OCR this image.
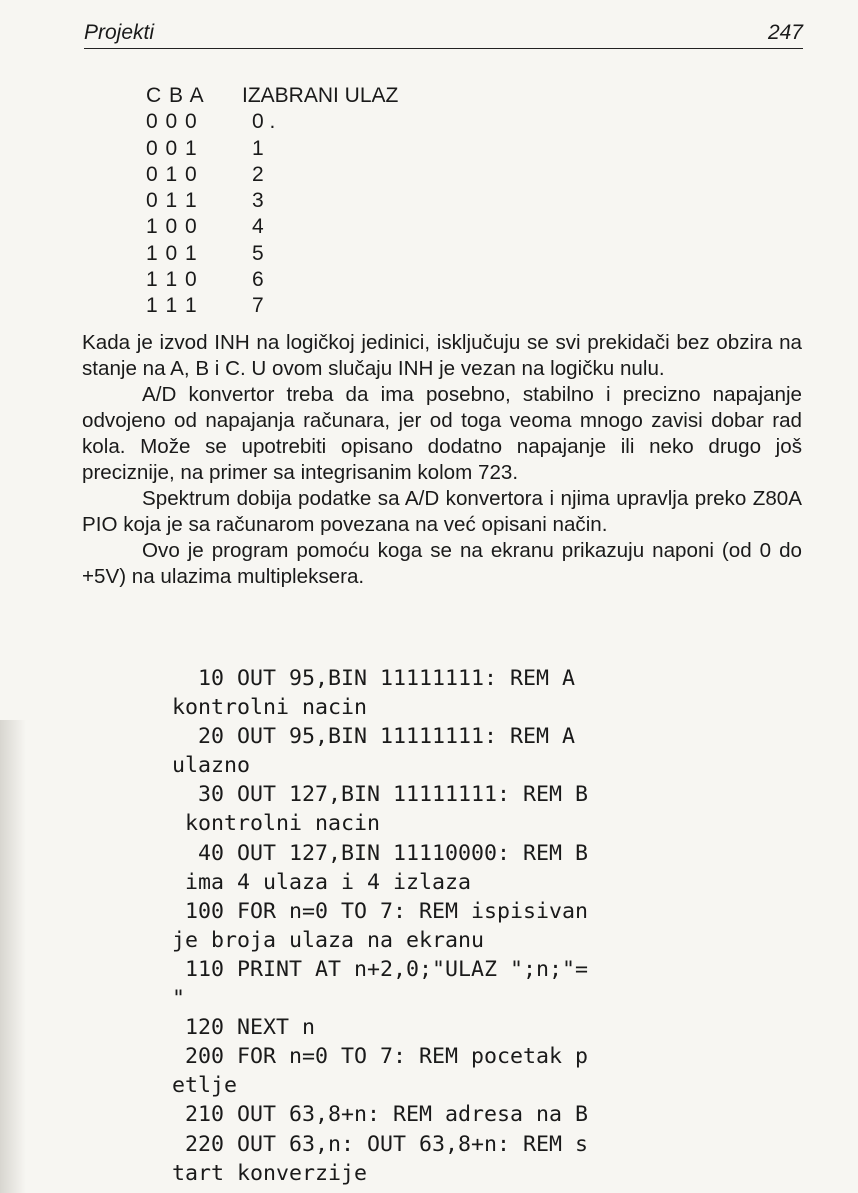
Projekti	247
C B A	IZABRANI ULAZ
0 0 0	0 .
0 0 1	1
0 1 0	2
0 1 1	3
1 0 0	4
1 0 1	5
1 1 0	6
1 1 1	7

Kada je izvod INH na logičkoj jedinici, isključuju se svi prekidači bez obzira na stanje na A, B i C. U ovom slučaju INH je vezan na logičku nulu.

A/D konvertor treba da ima posebno, stabilno i precizno napajanje odvojeno od napajanja računara, jer od toga veoma mnogo zavisi dobar rad kola. Može se upotrebiti opisano dodatno napajanje ili neko drugo još preciznije, na primer sa integrisanim kolom 723.

Spektrum dobija podatke sa A/D konvertora i njima upravlja preko Z80A PIO koja je sa računarom povezana na već opisani način.

Ovo je program pomoću koga se na ekranu prikazuju naponi (od 0 do +5V) na ulazima multipleksera.

10 OUT 95,BIN 11111111: REM A
kontrolni nacin
20 OUT 95,BIN 11111111: REM A
ulazno
30 OUT 127,BIN 11111111: REM B
kontrolni nacin
40 OUT 127,BIN 11110000: REM B
ima 4 ulaza i 4 izlaza
100 FOR n=0 TO 7: REM ispisivan
je broja ulaza na ekranu
110 PRINT AT n+2,0;"ULAZ ";n;"=
"
120 NEXT n
200 FOR n=0 TO 7: REM pocetak p
etlje
210 OUT 63,8+n: REM adresa na B
220 OUT 63,n: OUT 63,8+n: REM s
tart konverzije
